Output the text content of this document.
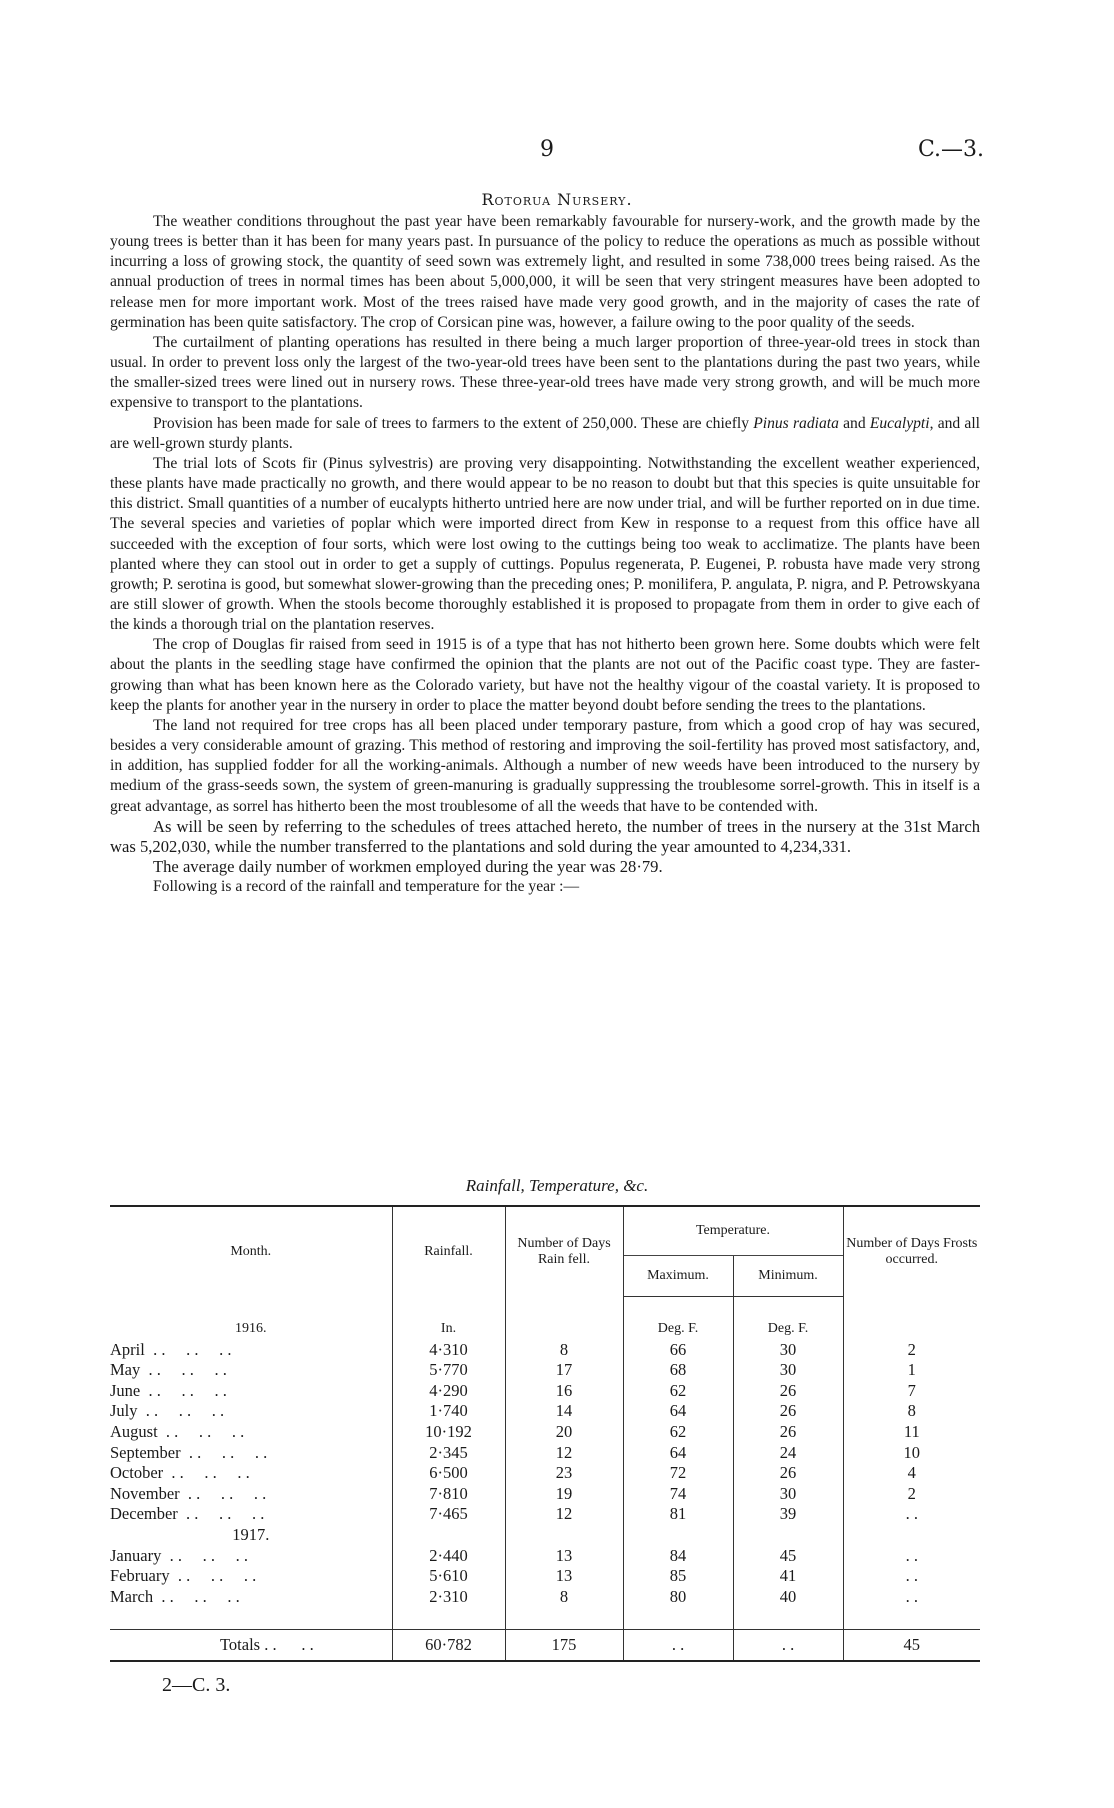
9	C.—3.
Rotorua Nursery.

The weather conditions throughout the past year have been remarkably favourable for nursery-work, and the growth made by the young trees is better than it has been for many years past. In pursuance of the policy to reduce the operations as much as possible without incurring a loss of growing stock, the quantity of seed sown was extremely light, and resulted in some 738,000 trees being raised. As the annual production of trees in normal times has been about 5,000,000, it will be seen that very stringent measures have been adopted to release men for more important work. Most of the trees raised have made very good growth, and in the majority of cases the rate of germination has been quite satisfactory. The crop of Corsican pine was, however, a failure owing to the poor quality of the seeds.

The curtailment of planting operations has resulted in there being a much larger proportion of three-year-old trees in stock than usual. In order to prevent loss only the largest of the two-year-old trees have been sent to the plantations during the past two years, while the smaller-sized trees were lined out in nursery rows. These three-year-old trees have made very strong growth, and will be much more expensive to transport to the plantations.

Provision has been made for sale of trees to farmers to the extent of 250,000. These are chiefly Pinus radiata and Eucalypti, and all are well-grown sturdy plants.

The trial lots of Scots fir (Pinus sylvestris) are proving very disappointing. Notwithstanding the excellent weather experienced, these plants have made practically no growth, and there would appear to be no reason to doubt but that this species is quite unsuitable for this district. Small quantities of a number of eucalypts hitherto untried here are now under trial, and will be further reported on in due time. The several species and varieties of poplar which were imported direct from Kew in response to a request from this office have all succeeded with the exception of four sorts, which were lost owing to the cuttings being too weak to acclimatize. The plants have been planted where they can stool out in order to get a supply of cuttings. Populus regenerata, P. Eugenei, P. robusta have made very strong growth; P. serotina is good, but somewhat slower-growing than the preceding ones; P. monilifera, P. angulata, P. nigra, and P. Petrowskyana are still slower of growth. When the stools become thoroughly established it is proposed to propagate from them in order to give each of the kinds a thorough trial on the plantation reserves.

The crop of Douglas fir raised from seed in 1915 is of a type that has not hitherto been grown here. Some doubts which were felt about the plants in the seedling stage have confirmed the opinion that the plants are not out of the Pacific coast type. They are faster-growing than what has been known here as the Colorado variety, but have not the healthy vigour of the coastal variety. It is proposed to keep the plants for another year in the nursery in order to place the matter beyond doubt before sending the trees to the plantations.

The land not required for tree crops has all been placed under temporary pasture, from which a good crop of hay was secured, besides a very considerable amount of grazing. This method of restoring and improving the soil-fertility has proved most satisfactory, and, in addition, has supplied fodder for all the working-animals. Although a number of new weeds have been introduced to the nursery by medium of the grass-seeds sown, the system of green-manuring is gradually suppressing the troublesome sorrel-growth. This in itself is a great advantage, as sorrel has hitherto been the most troublesome of all the weeds that have to be contended with.

As will be seen by referring to the schedules of trees attached hereto, the number of trees in the nursery at the 31st March was 5,202,030, while the number transferred to the plantations and sold during the year amounted to 4,234,331.

The average daily number of workmen employed during the year was 28·79.

Following is a record of the rainfall and temperature for the year :—

Rainfall, Temperature, &c.
Month.	Rainfall.	Number of Days Rain fell.	Temperature.		Number of Days Frosts occurred.
			Maximum.	Minimum.	

1916.	In.		Deg. F.	Deg. F.	
April  . .     . .     . .	4·310	8	66	30	2
May  . .     . .     . .	5·770	17	68	30	1
June  . .     . .     . .	4·290	16	62	26	7
July  . .     . .     . .	1·740	14	64	26	8
August  . .     . .     . .	10·192	20	62	26	11
September  . .     . .     . .	2·345	12	64	24	10
October  . .     . .     . .	6·500	23	72	26	4
November  . .     . .     . .	7·810	19	74	30	2
December  . .     . .     . .	7·465	12	81	39	. .
1917.					
January  . .     . .     . .	2·440	13	84	45	. .
February  . .     . .     . .	5·610	13	85	41	. .
March  . .     . .     . .	2·310	8	80	40	. .

Totals . .      . .	60·782	175	. .	. .	45
2—C. 3.
